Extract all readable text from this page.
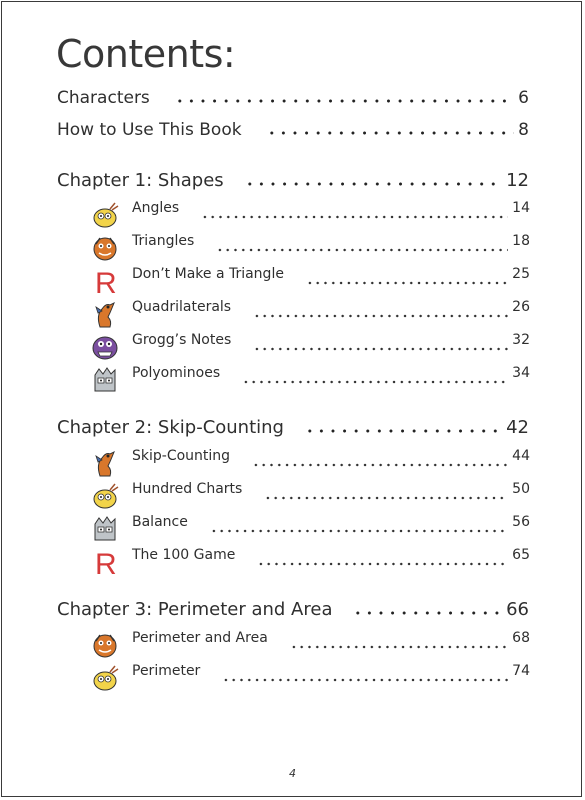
Contents:
Characters	6
How to Use This Book	8
Chapter 1: Shapes	12
Angles	14
Triangles	18
R Don’t Make a Triangle	25
Quadrilaterals	26
Grogg’s Notes	32
Polyominoes	34
Chapter 2: Skip-Counting	42
Skip-Counting	44
Hundred Charts	50
Balance	56
R The 100 Game	65
Chapter 3: Perimeter and Area	66
Perimeter and Area	68
Perimeter	74
4
